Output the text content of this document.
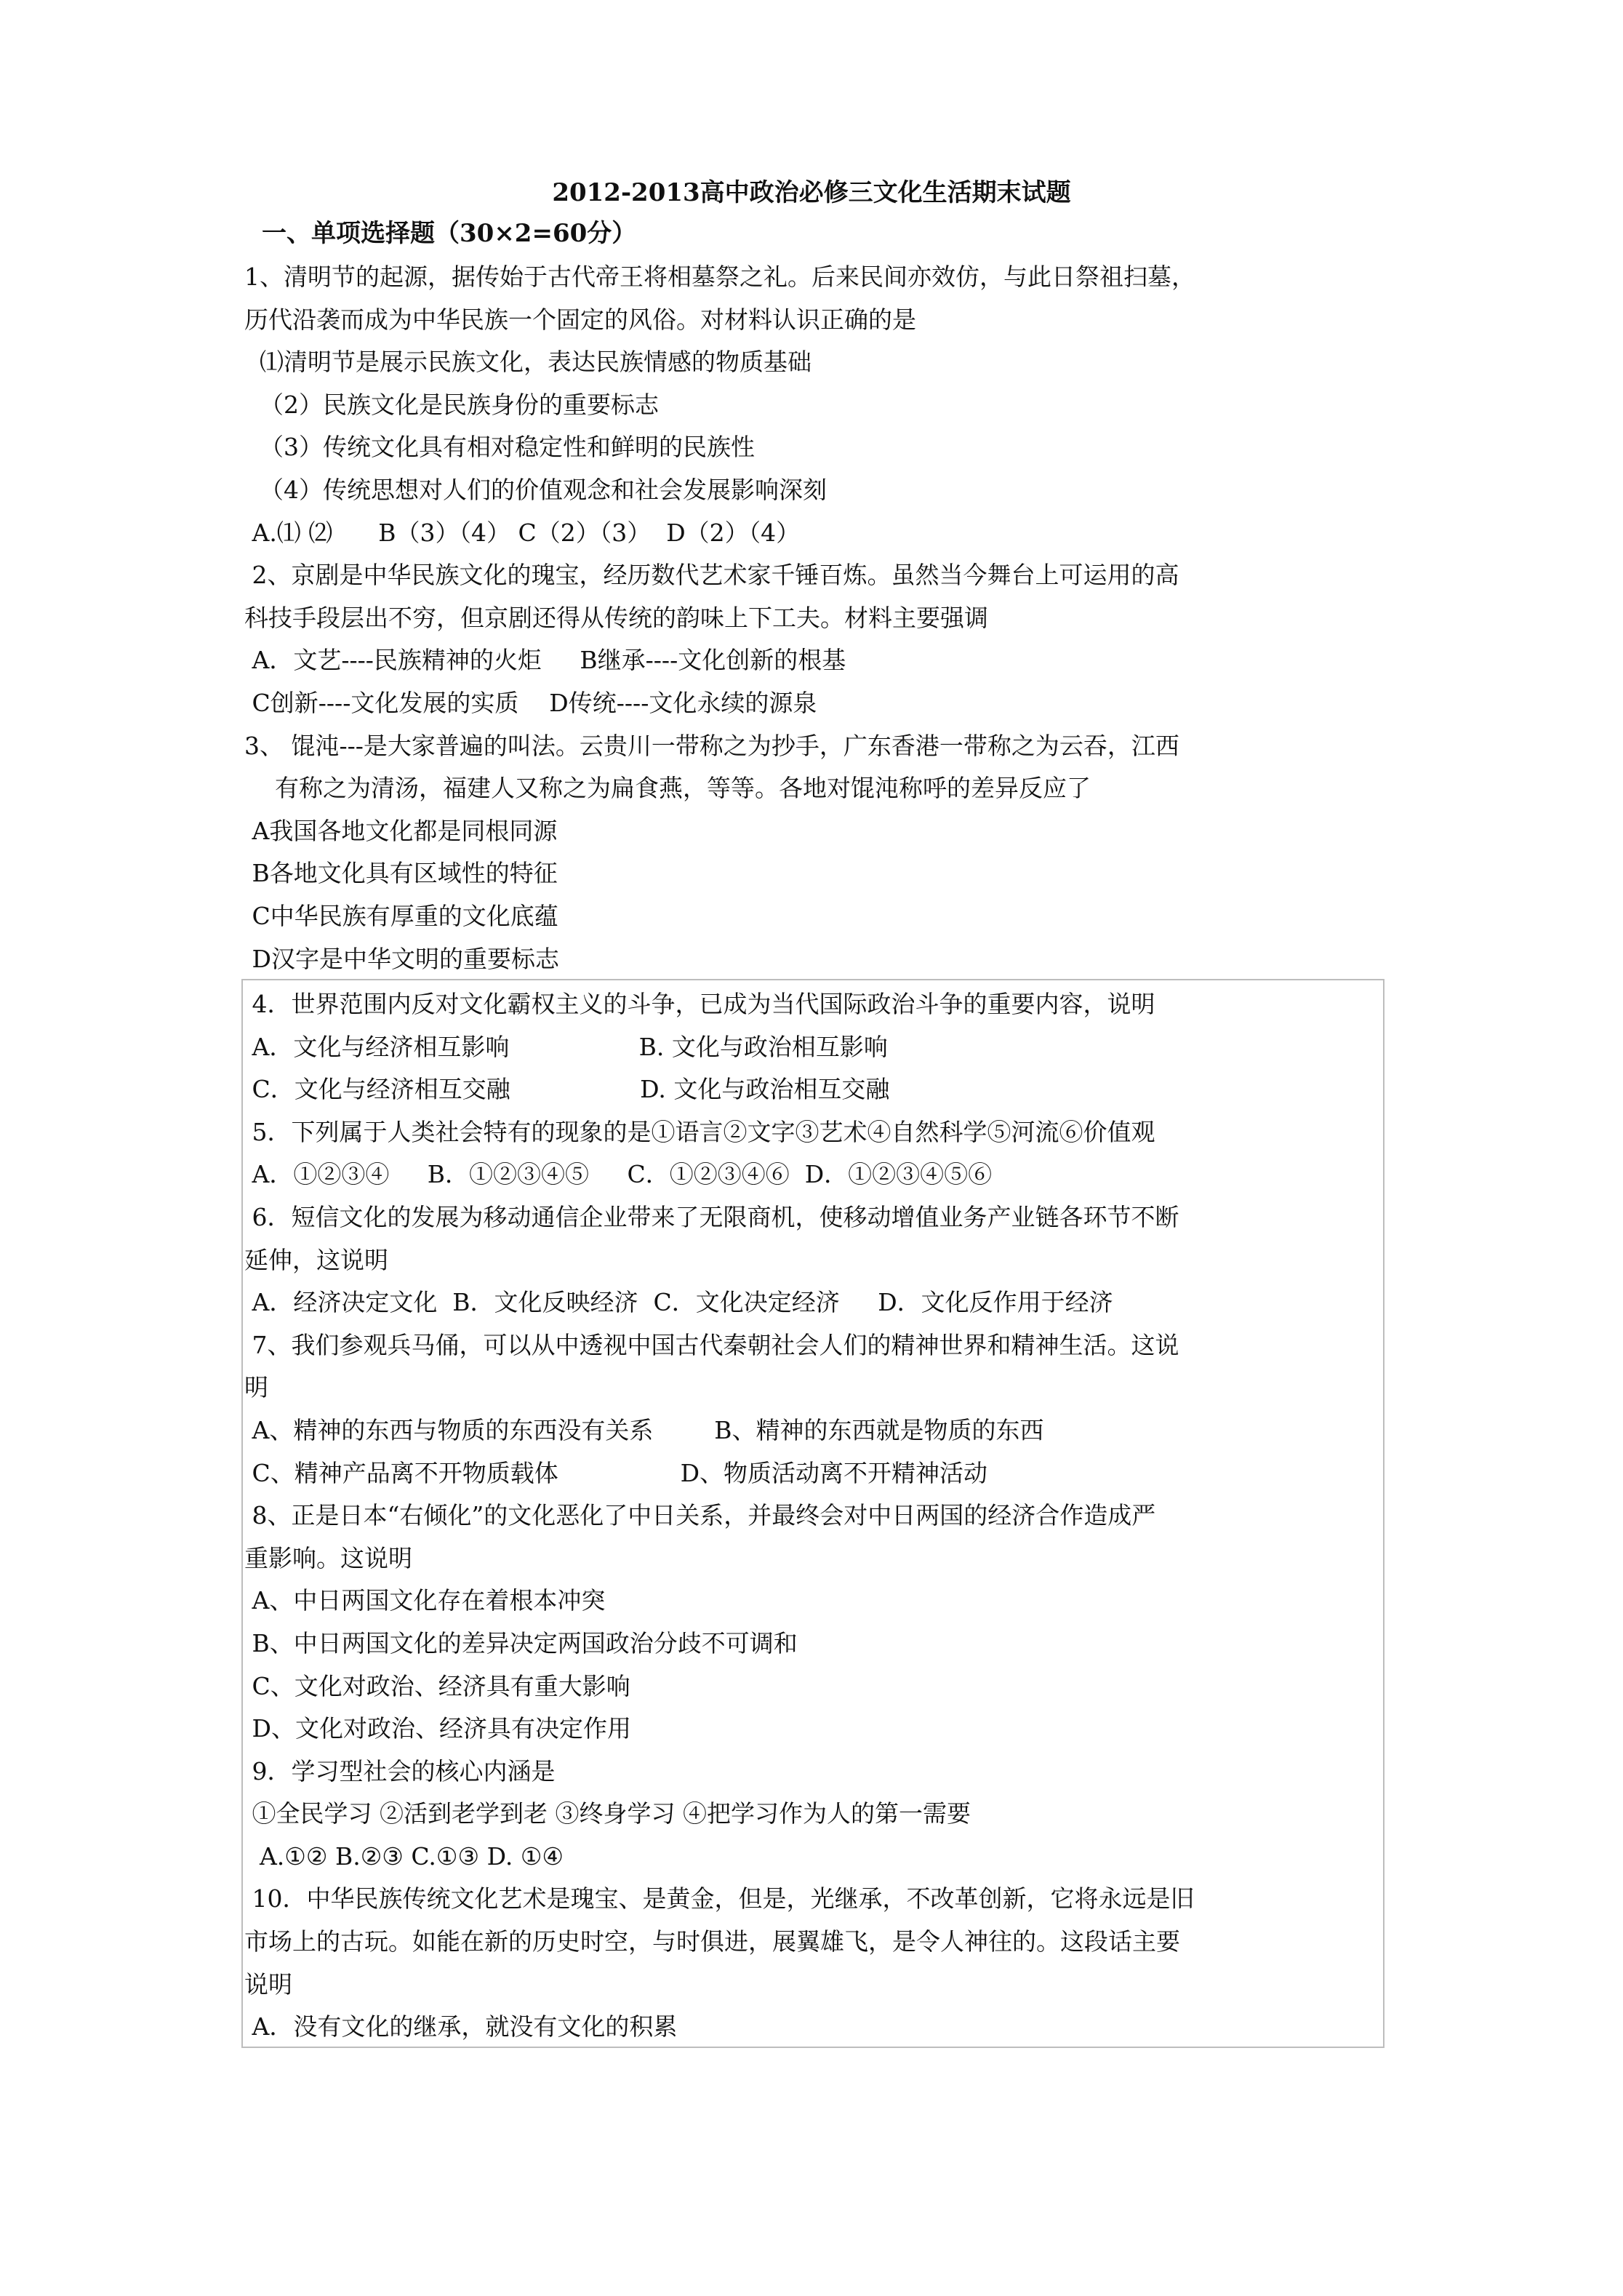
2012-2013高中政治必修三文化生活期末试题
一、单项选择题（30×2=60分）
1、清明节的起源，据传始于古代帝王将相墓祭之礼。后来民间亦效仿，与此日祭祖扫墓，
历代沿袭而成为中华民族一个固定的风俗。对材料认识正确的是
⑴清明节是展示民族文化，表达民族情感的物质基础
（2）民族文化是民族身份的重要标志
（3）传统文化具有相对稳定性和鲜明的民族性
（4）传统思想对人们的价值观念和社会发展影响深刻
A.⑴ ⑵      B（3）（4） C（2）（3）  D（2）（4）
2、京剧是中华民族文化的瑰宝，经历数代艺术家千锤百炼。虽然当今舞台上可运用的高
科技手段层出不穷，但京剧还得从传统的韵味上下工夫。材料主要强调
A．文艺----民族精神的火炬     B继承----文化创新的根基
C创新----文化发展的实质    D传统----文化永续的源泉
3、 馄沌---是大家普遍的叫法。云贵川一带称之为抄手，广东香港一带称之为云吞，江西
有称之为清汤，福建人又称之为扁食燕，等等。各地对馄沌称呼的差异反应了
A我国各地文化都是同根同源
B各地文化具有区域性的特征
C中华民族有厚重的文化底蕴
D汉字是中华文明的重要标志
4．世界范围内反对文化霸权主义的斗争，已成为当代国际政治斗争的重要内容，说明
A．文化与经济相互影响                 B. 文化与政治相互影响
C．文化与经济相互交融                 D. 文化与政治相互交融
5．下列属于人类社会特有的现象的是①语言②文字③艺术④自然科学⑤河流⑥价值观
A．①②③④     B．①②③④⑤     C．①②③④⑥  D．①②③④⑤⑥
6．短信文化的发展为移动通信企业带来了无限商机，使移动增值业务产业链各环节不断
延伸，这说明
A．经济决定文化  B．文化反映经济  C．文化决定经济     D．文化反作用于经济
7、我们参观兵马俑，可以从中透视中国古代秦朝社会人们的精神世界和精神生活。这说
明
A、精神的东西与物质的东西没有关系        B、精神的东西就是物质的东西
C、精神产品离不开物质载体                D、物质活动离不开精神活动
8、正是日本“右倾化”的文化恶化了中日关系，并最终会对中日两国的经济合作造成严
重影响。这说明
A、中日两国文化存在着根本冲突
B、中日两国文化的差异决定两国政治分歧不可调和
C、文化对政治、经济具有重大影响
D、文化对政治、经济具有决定作用
9．学习型社会的核心内涵是
①全民学习 ②活到老学到老 ③终身学习 ④把学习作为人的第一需要
A.①② B.②③ C.①③ D. ①④
10．中华民族传统文化艺术是瑰宝、是黄金，但是，光继承，不改革创新，它将永远是旧
市场上的古玩。如能在新的历史时空，与时俱进，展翼雄飞，是令人神往的。这段话主要
说明
A．没有文化的继承，就没有文化的积累
